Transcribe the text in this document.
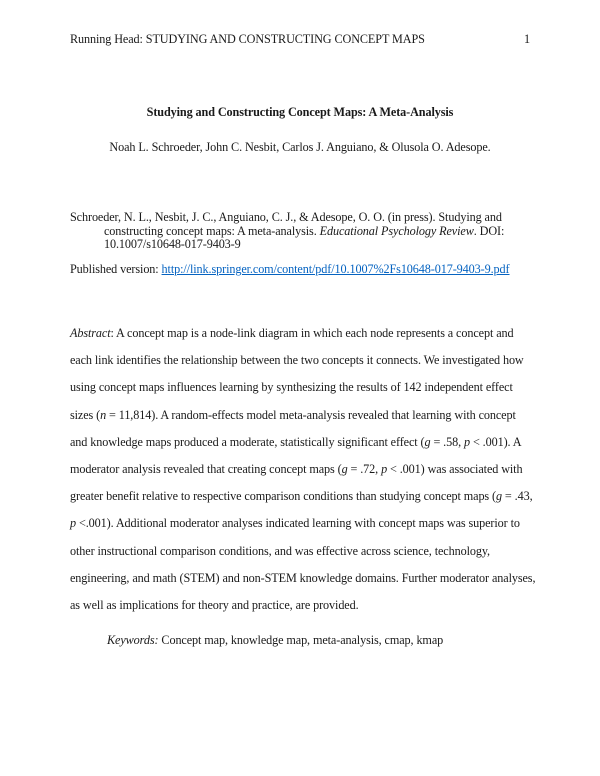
Running Head: STUDYING AND CONSTRUCTING CONCEPT MAPS	1
Studying and Constructing Concept Maps: A Meta-Analysis
Noah L. Schroeder, John C. Nesbit, Carlos J. Anguiano, & Olusola O. Adesope.
Schroeder, N. L., Nesbit, J. C., Anguiano, C. J., & Adesope, O. O. (in press). Studying and
constructing concept maps: A meta-analysis. Educational Psychology Review. DOI:
10.1007/s10648-017-9403-9
Published version: http://link.springer.com/content/pdf/10.1007%2Fs10648-017-9403-9.pdf
Abstract: A concept map is a node-link diagram in which each node represents a concept and
each link identifies the relationship between the two concepts it connects. We investigated how
using concept maps influences learning by synthesizing the results of 142 independent effect
sizes (n = 11,814). A random-effects model meta-analysis revealed that learning with concept
and knowledge maps produced a moderate, statistically significant effect (g = .58, p < .001). A
moderator analysis revealed that creating concept maps (g = .72, p < .001) was associated with
greater benefit relative to respective comparison conditions than studying concept maps (g = .43,
p <.001). Additional moderator analyses indicated learning with concept maps was superior to
other instructional comparison conditions, and was effective across science, technology,
engineering, and math (STEM) and non-STEM knowledge domains. Further moderator analyses,
as well as implications for theory and practice, are provided.
Keywords: Concept map, knowledge map, meta-analysis, cmap, kmap
